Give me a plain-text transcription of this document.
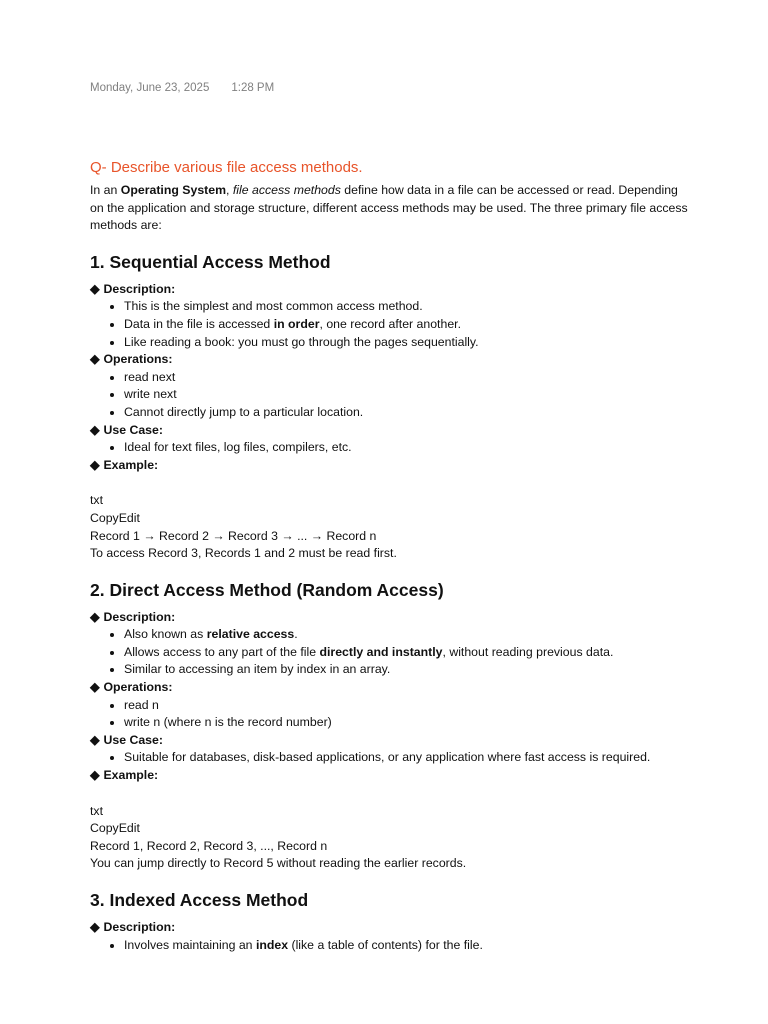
Monday, June 23, 2025 1:28 PM

Q- Describe various file access methods.

In an Operating System, file access methods define how data in a file can be accessed or read. Depending on the application and storage structure, different access methods may be used. The three primary file access methods are:

1. Sequential Access Method

◆ Description:

• This is the simplest and most common access method.
• Data in the file is accessed in order, one record after another.
• Like reading a book: you must go through the pages sequentially.

◆ Operations:

• read next
• write next
• Cannot directly jump to a particular location.

◆ Use Case:

• Ideal for text files, log files, compilers, etc.

◆ Example:

txt

CopyEdit

Record 1 → Record 2 → Record 3 → ... → Record n

To access Record 3, Records 1 and 2 must be read first.

2. Direct Access Method (Random Access)

◆ Description:

• Also known as relative access.
• Allows access to any part of the file directly and instantly, without reading previous data.
• Similar to accessing an item by index in an array.

◆ Operations:

• read n
• write n (where n is the record number)

◆ Use Case:

• Suitable for databases, disk-based applications, or any application where fast access is required.

◆ Example:

txt

CopyEdit

Record 1, Record 2, Record 3, ..., Record n

You can jump directly to Record 5 without reading the earlier records.

3. Indexed Access Method

◆ Description:

• Involves maintaining an index (like a table of contents) for the file.
